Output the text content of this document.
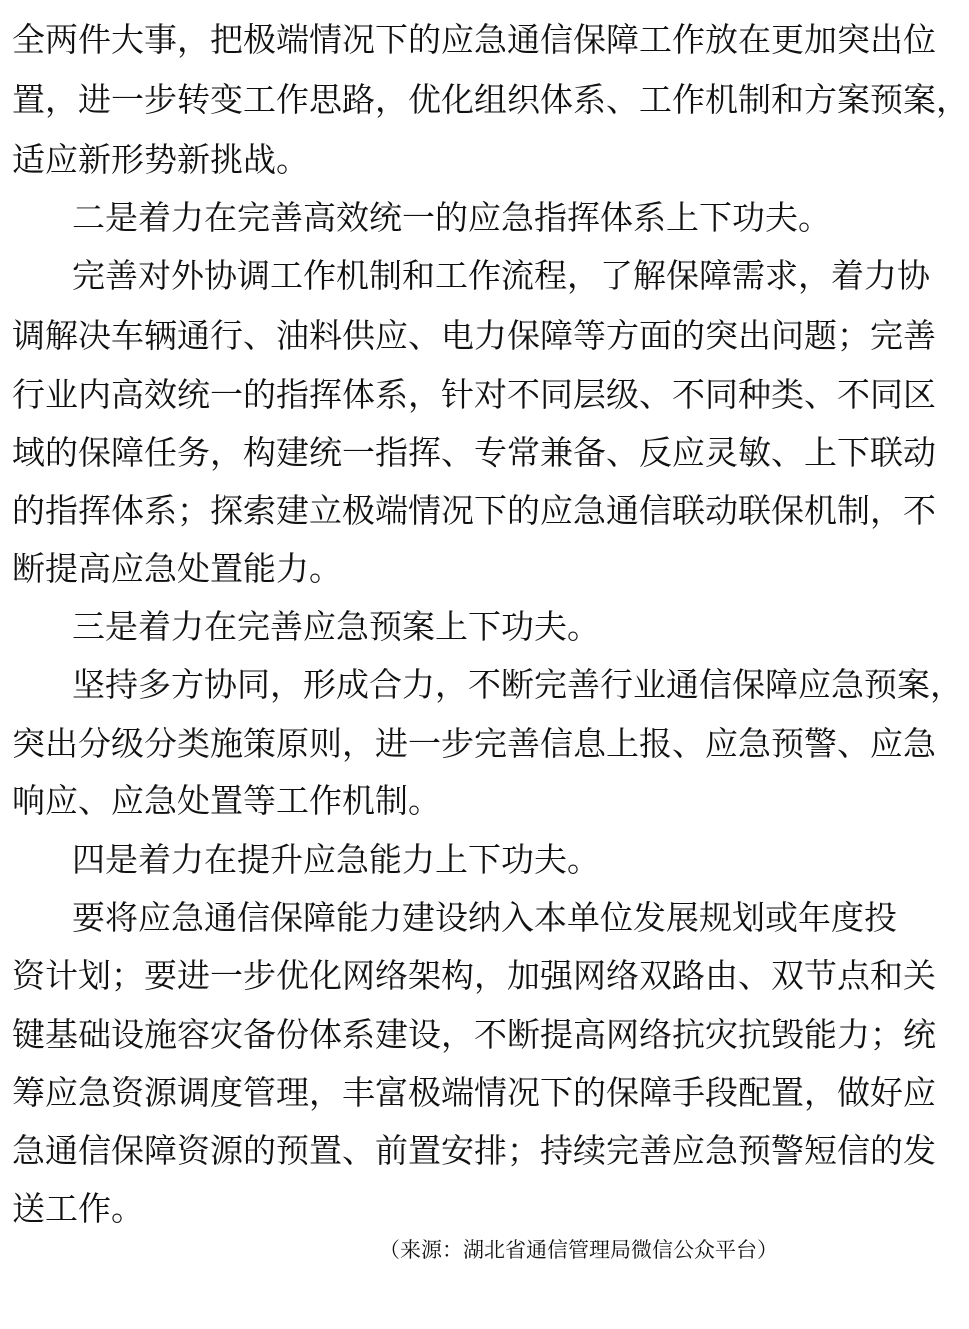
全两件大事，把极端情况下的应急通信保障工作放在更加突出位
置，进一步转变工作思路，优化组织体系、工作机制和方案预案，
适应新形势新挑战。
二是着力在完善高效统一的应急指挥体系上下功夫。
完善对外协调工作机制和工作流程，了解保障需求，着力协
调解决车辆通行、油料供应、电力保障等方面的突出问题；完善
行业内高效统一的指挥体系，针对不同层级、不同种类、不同区
域的保障任务，构建统一指挥、专常兼备、反应灵敏、上下联动
的指挥体系；探索建立极端情况下的应急通信联动联保机制，不
断提高应急处置能力。
三是着力在完善应急预案上下功夫。
坚持多方协同，形成合力，不断完善行业通信保障应急预案，
突出分级分类施策原则，进一步完善信息上报、应急预警、应急
响应、应急处置等工作机制。
四是着力在提升应急能力上下功夫。
要将应急通信保障能力建设纳入本单位发展规划或年度投
资计划；要进一步优化网络架构，加强网络双路由、双节点和关
键基础设施容灾备份体系建设，不断提高网络抗灾抗毁能力；统
筹应急资源调度管理，丰富极端情况下的保障手段配置，做好应
急通信保障资源的预置、前置安排；持续完善应急预警短信的发
送工作。
（来源：湖北省通信管理局微信公众平台）
